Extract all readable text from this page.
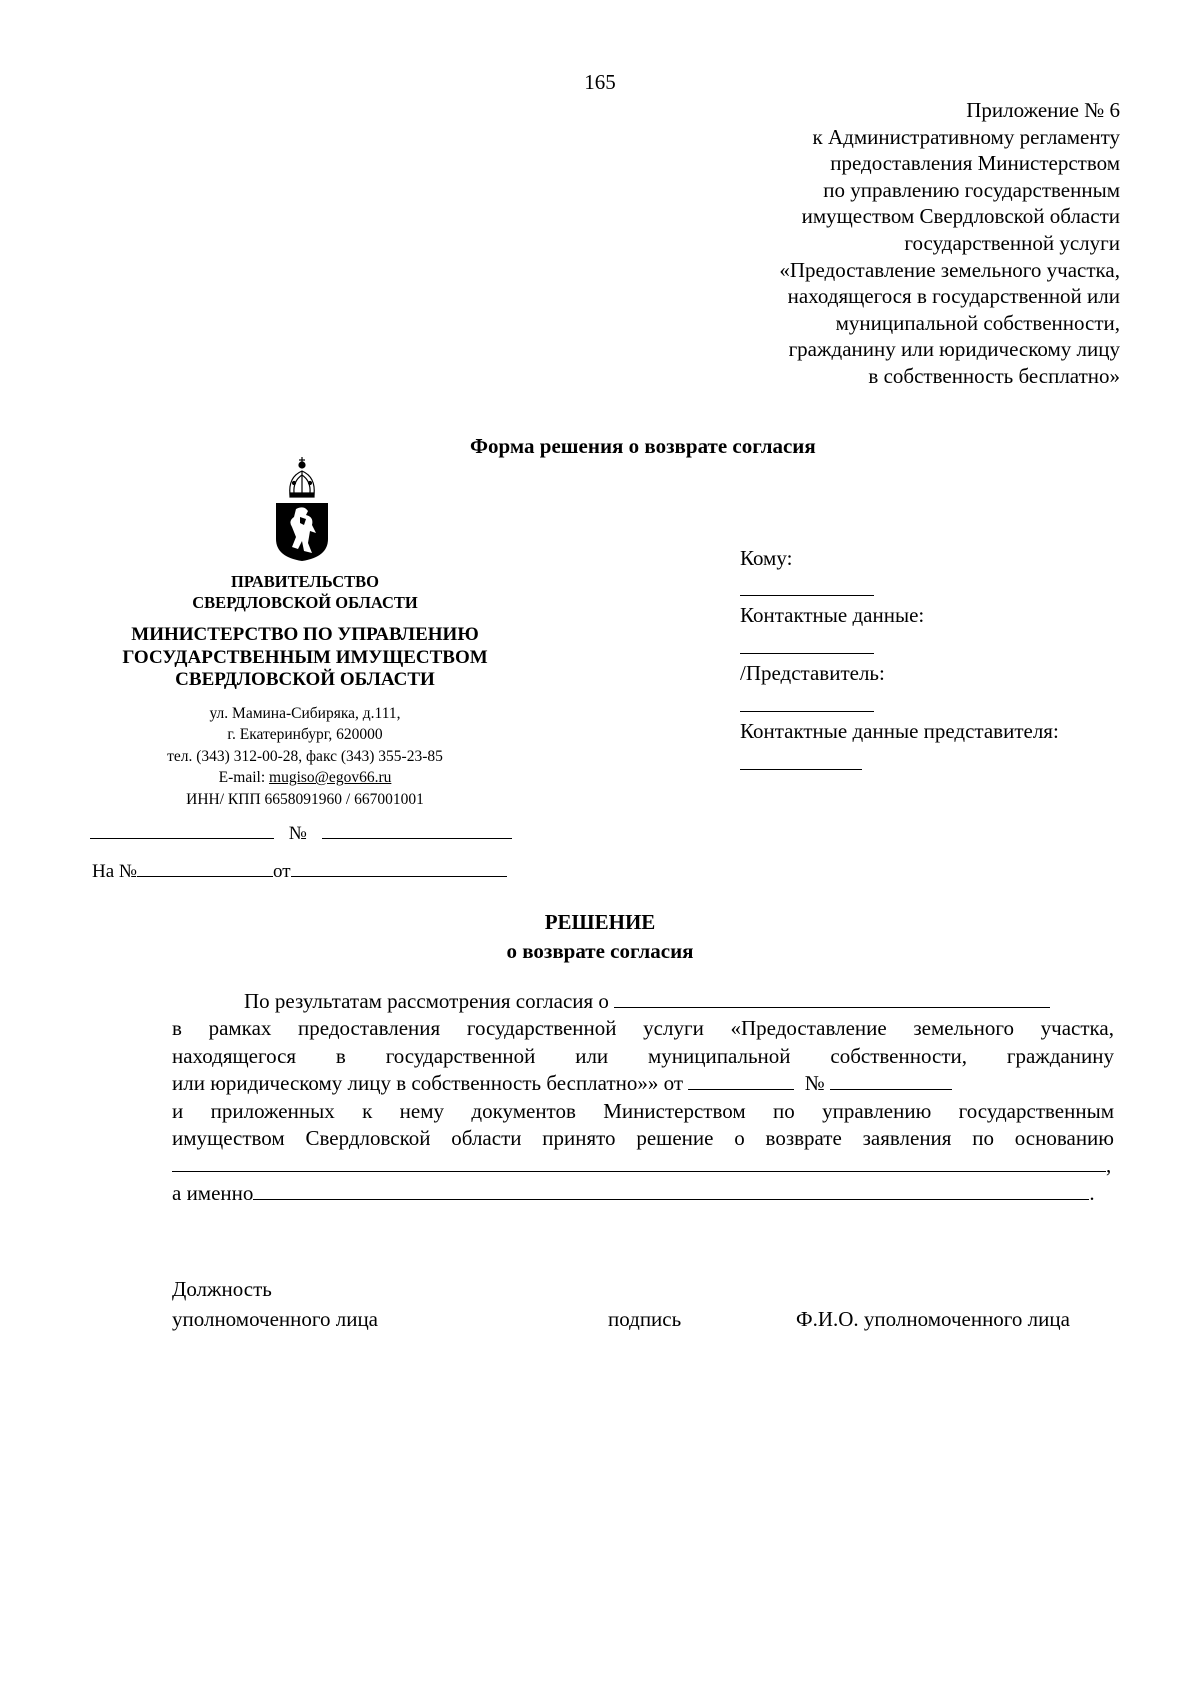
165
Приложение № 6
к Административному регламенту
предоставления Министерством
по управлению государственным
имуществом Свердловской области
государственной услуги
«Предоставление земельного участка,
находящегося в государственной или
муниципальной собственности,
гражданину или юридическому лицу
в собственность бесплатно»
Форма решения о возврате согласия
ПРАВИТЕЛЬСТВО
СВЕРДЛОВСКОЙ ОБЛАСТИ
МИНИСТЕРСТВО ПО УПРАВЛЕНИЮ
ГОСУДАРСТВЕННЫМ ИМУЩЕСТВОМ
СВЕРДЛОВСКОЙ ОБЛАСТИ
ул. Мамина-Сибиряка, д.111,
г. Екатеринбург, 620000
тел. (343) 312-00-28, факс (343) 355-23-85
E-mail: mugiso@egov66.ru
ИНН/ КПП 6658091960 / 667001001
№
На №	от
Кому:
Контактные данные:
/Представитель:
Контактные данные представителя:
РЕШЕНИЕ
о возврате согласия
По результатам рассмотрения согласия о
в рамках предоставления государственной услуги «Предоставление земельного участка,
находящегося в государственной или муниципальной собственности, гражданину
или юридическому лицу в собственность бесплатно»» от	№
и приложенных к нему документов Министерством по управлению государственным
имуществом Свердловской области принято решение о возврате заявления по основанию
,
а именно	.
Должность
уполномоченного лица	подпись	Ф.И.О. уполномоченного лица
